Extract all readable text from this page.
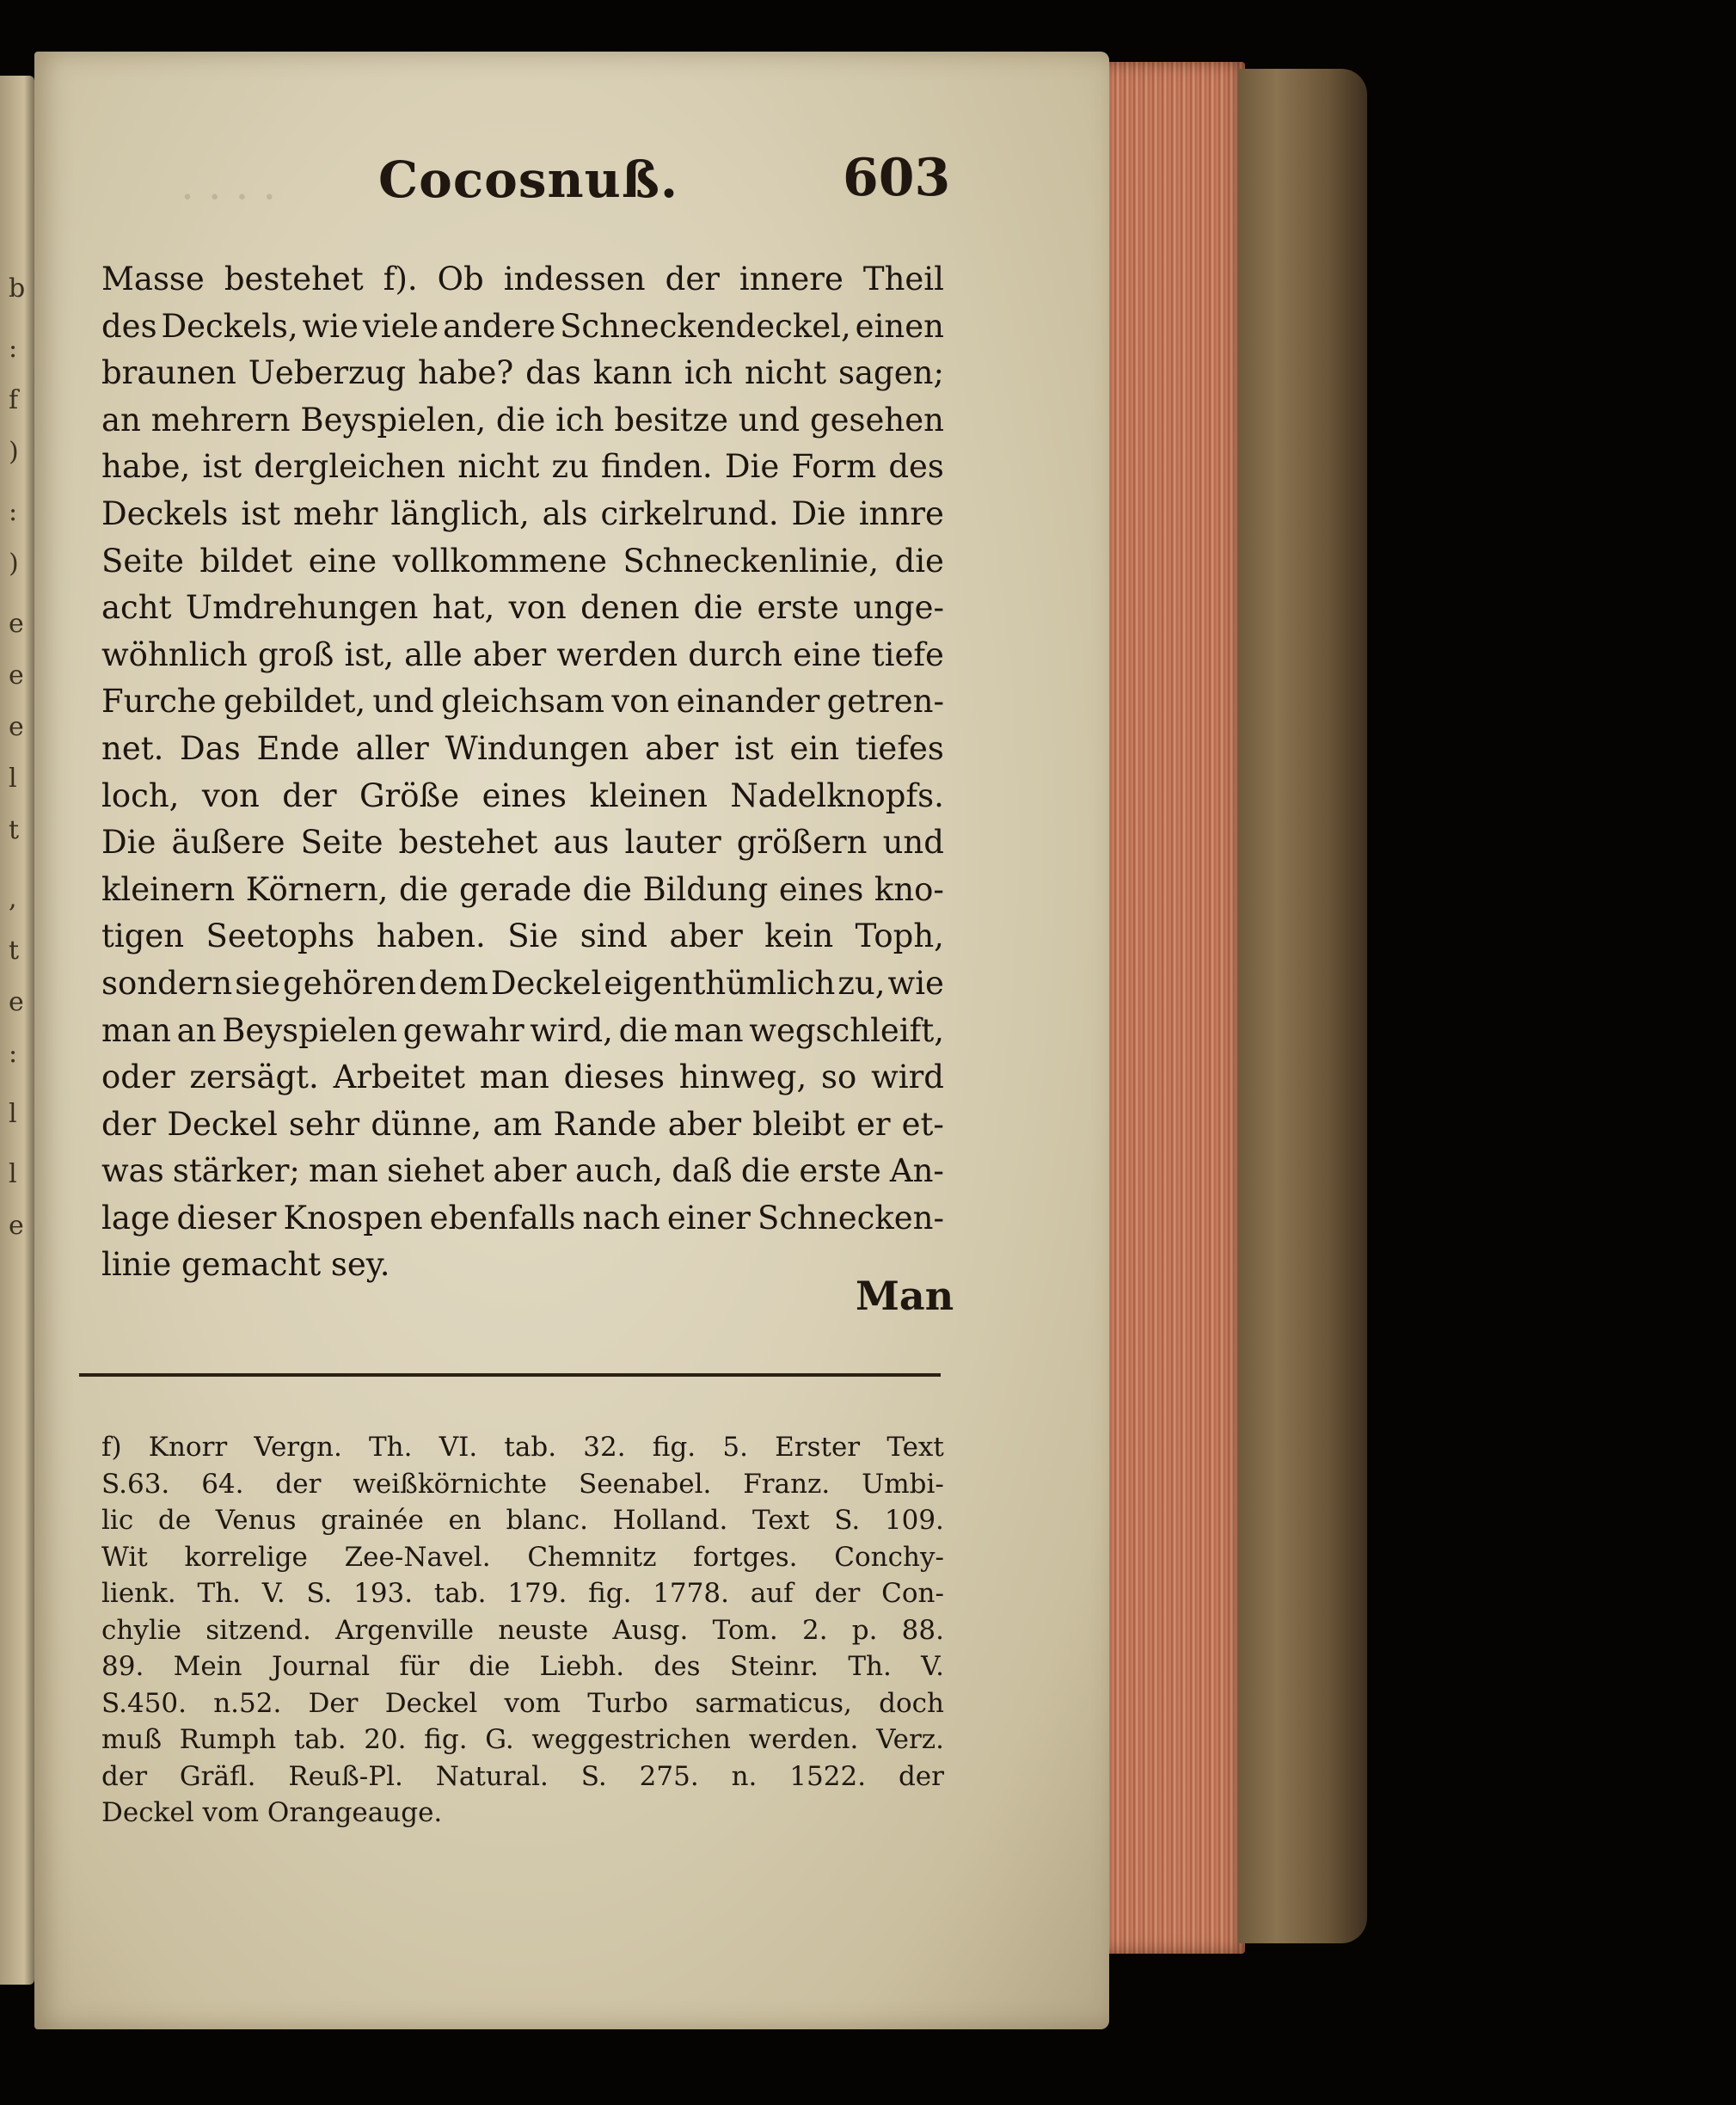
b
:
f
)
:
)
e
e
e
l
t
,
t
e
:
l
l
e
· · · · Cocosnuß.	603
Masse bestehet f). Ob indessen der innere Theil
des Deckels, wie viele andere Schneckendeckel, einen
braunen Ueberzug habe? das kann ich nicht sagen;
an mehrern Beyspielen, die ich besitze und gesehen
habe, ist dergleichen nicht zu finden. Die Form des
Deckels ist mehr länglich, als cirkelrund. Die innre
Seite bildet eine vollkommene Schneckenlinie, die
acht Umdrehungen hat, von denen die erste unge-
wöhnlich groß ist, alle aber werden durch eine tiefe
Furche gebildet, und gleichsam von einander getren-
net. Das Ende aller Windungen aber ist ein tiefes
loch, von der Größe eines kleinen Nadelknopfs.
Die äußere Seite bestehet aus lauter größern und
kleinern Körnern, die gerade die Bildung eines kno-
tigen Seetophs haben. Sie sind aber kein Toph,
sondern sie gehören dem Deckel eigenthümlich zu, wie
man an Beyspielen gewahr wird, die man wegschleift,
oder zersägt. Arbeitet man dieses hinweg, so wird
der Deckel sehr dünne, am Rande aber bleibt er et-
was stärker; man siehet aber auch, daß die erste An-
lage dieser Knospen ebenfalls nach einer Schnecken-
linie gemacht sey.
Man
f) Knorr Vergn. Th. VI. tab. 32. fig. 5. Erster Text
S.63. 64. der weißkörnichte Seenabel. Franz. Umbi-
lic de Venus grainée en blanc. Holland. Text S. 109.
Wit korrelige Zee-Navel. Chemnitz fortges. Conchy-
lienk. Th. V. S. 193. tab. 179. fig. 1778. auf der Con-
chylie sitzend. Argenville neuste Ausg. Tom. 2. p. 88.
89. Mein Journal für die Liebh. des Steinr. Th. V.
S.450. n.52. Der Deckel vom Turbo sarmaticus, doch
muß Rumph tab. 20. fig. G. weggestrichen werden. Verz.
der Gräfl. Reuß-Pl. Natural. S. 275. n. 1522. der
Deckel vom Orangeauge.
